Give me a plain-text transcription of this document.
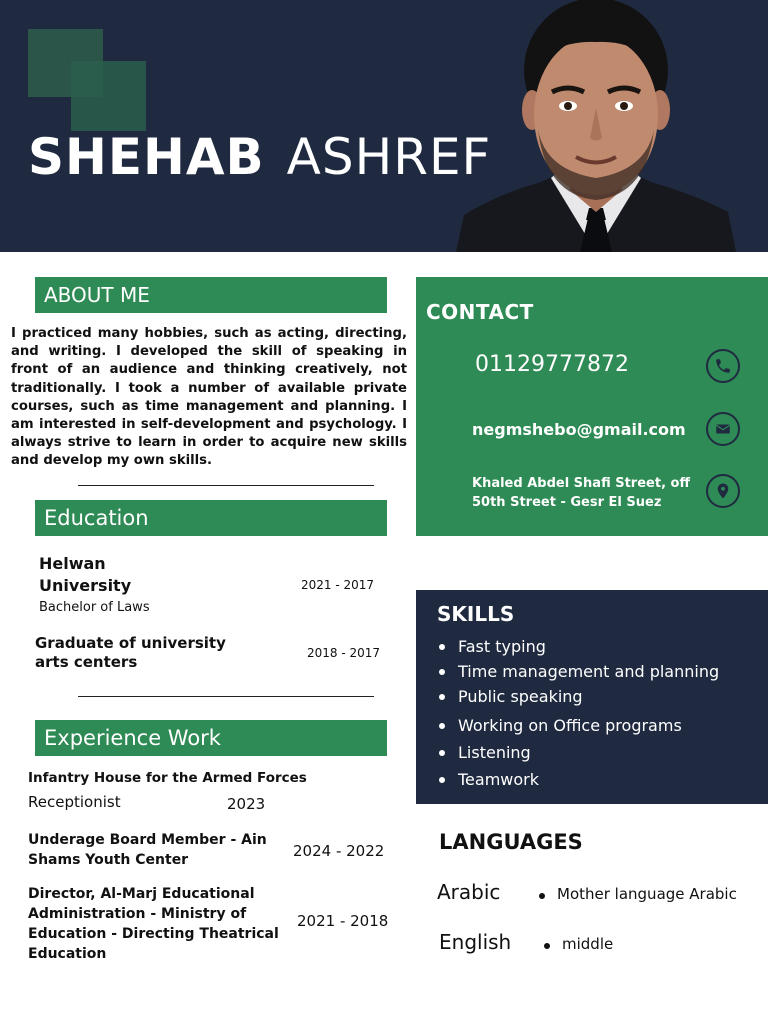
SHEHAB ASHREF
ABOUT ME

I practiced many hobbies, such as acting, directing, and writing. I developed the skill of speaking in front of an audience and thinking creatively, not traditionally. I took a number of available private courses, such as time management and planning. I am interested in self-development and psychology. I always strive to learn in order to acquire new skills and develop my own skills.

Education
Helwan University
Bachelor of Laws
2021 - 2017
Graduate of university arts centers	2018 - 2017
Experience Work
Infantry House for the Armed Forces
Receptionist	2023
Underage Board Member - Ain Shams Youth Center	2024 - 2022
Director, Al-Marj Educational Administration - Ministry of Education - Directing Theatrical Education
2021 - 2018
CONTACT
01129777872
negmshebo@gmail.com
Khaled Abdel Shafi Street, off 50th Street - Gesr El Suez
SKILLS
Fast typing
Time management and planning
Public speaking
Working on Office programs
Listening
Teamwork
LANGUAGES
Arabic	Mother language Arabic
English	middle
